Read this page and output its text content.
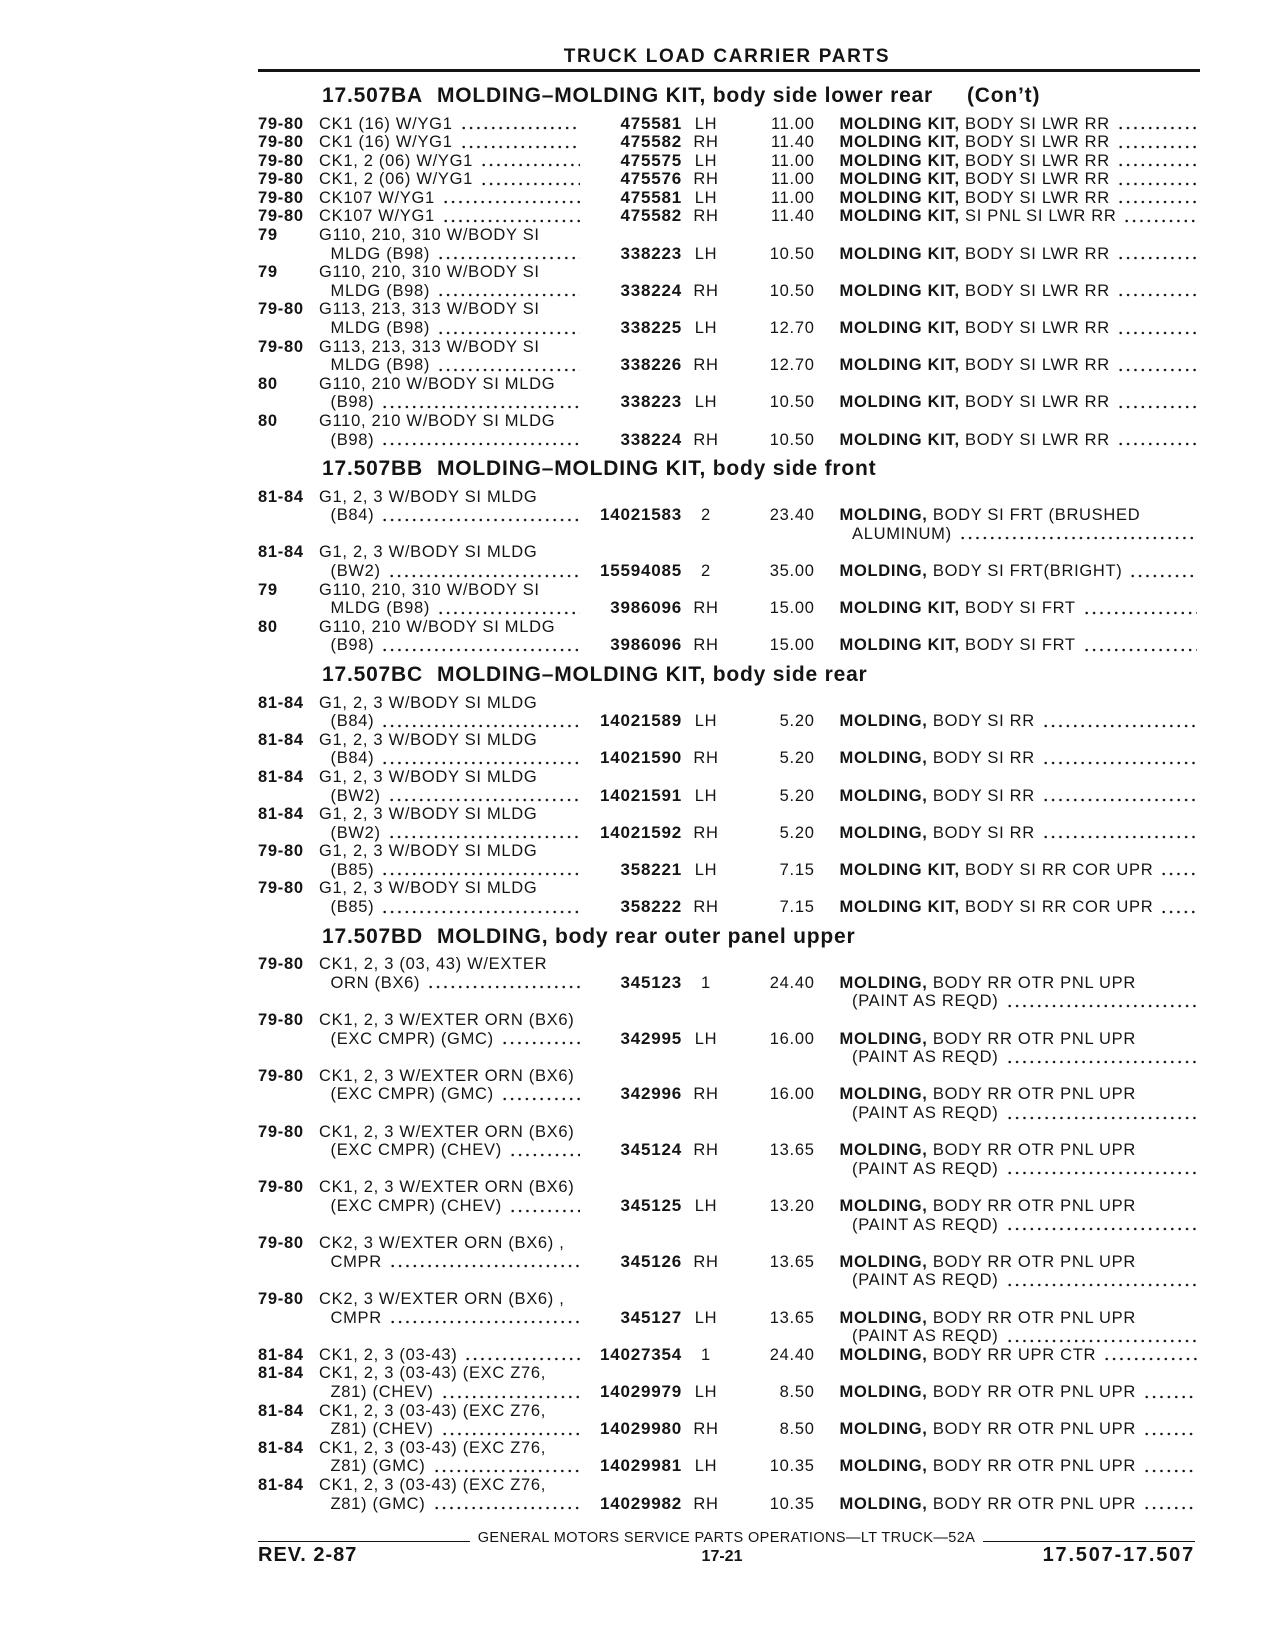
TRUCK LOAD CARRIER PARTS
17.507BA MOLDING–MOLDING KIT, body side lower rear (Con’t)
79-80 CK1 (16) W/YG1	475581 LH	11.00 MOLDING KIT, BODY SI LWR RR
79-80 CK1 (16) W/YG1	475582 RH	11.40 MOLDING KIT, BODY SI LWR RR
79-80 CK1, 2 (06) W/YG1	475575 LH	11.00 MOLDING KIT, BODY SI LWR RR
79-80 CK1, 2 (06) W/YG1	475576 RH	11.00 MOLDING KIT, BODY SI LWR RR
79-80 CK107 W/YG1	475581 LH	11.00 MOLDING KIT, BODY SI LWR RR
79-80 CK107 W/YG1	475582 RH	11.40 MOLDING KIT, SI PNL SI LWR RR
79 G110, 210, 310 W/BODY SI
MLDG (B98)	338223 LH	10.50 MOLDING KIT, BODY SI LWR RR
79 G110, 210, 310 W/BODY SI
MLDG (B98)	338224 RH	10.50 MOLDING KIT, BODY SI LWR RR
79-80 G113, 213, 313 W/BODY SI
MLDG (B98)	338225 LH	12.70 MOLDING KIT, BODY SI LWR RR
79-80 G113, 213, 313 W/BODY SI
MLDG (B98)	338226 RH	12.70 MOLDING KIT, BODY SI LWR RR
80 G110, 210 W/BODY SI MLDG
(B98)	338223 LH	10.50 MOLDING KIT, BODY SI LWR RR
80 G110, 210 W/BODY SI MLDG
(B98)	338224 RH	10.50 MOLDING KIT, BODY SI LWR RR
17.507BB MOLDING–MOLDING KIT, body side front
81-84 G1, 2, 3 W/BODY SI MLDG
(B84)	14021583	2	23.40 MOLDING, BODY SI FRT (BRUSHED
ALUMINUM)
81-84 G1, 2, 3 W/BODY SI MLDG
(BW2)	15594085	2	35.00 MOLDING, BODY SI FRT(BRIGHT)
79 G110, 210, 310 W/BODY SI
MLDG (B98)	3986096 RH	15.00 MOLDING KIT, BODY SI FRT
80 G110, 210 W/BODY SI MLDG
(B98)	3986096 RH	15.00 MOLDING KIT, BODY SI FRT
17.507BC MOLDING–MOLDING KIT, body side rear
81-84 G1, 2, 3 W/BODY SI MLDG
(B84)	14021589 LH	5.20 MOLDING, BODY SI RR
81-84 G1, 2, 3 W/BODY SI MLDG
(B84)	14021590 RH	5.20 MOLDING, BODY SI RR
81-84 G1, 2, 3 W/BODY SI MLDG
(BW2)	14021591 LH	5.20 MOLDING, BODY SI RR
81-84 G1, 2, 3 W/BODY SI MLDG
(BW2)	14021592 RH	5.20 MOLDING, BODY SI RR
79-80 G1, 2, 3 W/BODY SI MLDG
(B85)	358221 LH	7.15 MOLDING KIT, BODY SI RR COR UPR
79-80 G1, 2, 3 W/BODY SI MLDG
(B85)	358222 RH	7.15 MOLDING KIT, BODY SI RR COR UPR
17.507BD MOLDING, body rear outer panel upper
79-80 CK1, 2, 3 (03, 43) W/EXTER
ORN (BX6)	345123	1	24.40 MOLDING, BODY RR OTR PNL UPR
(PAINT AS REQD)
79-80 CK1, 2, 3 W/EXTER ORN (BX6)
(EXC CMPR) (GMC)	342995 LH	16.00 MOLDING, BODY RR OTR PNL UPR
(PAINT AS REQD)
79-80 CK1, 2, 3 W/EXTER ORN (BX6)
(EXC CMPR) (GMC)	342996 RH	16.00 MOLDING, BODY RR OTR PNL UPR
(PAINT AS REQD)
79-80 CK1, 2, 3 W/EXTER ORN (BX6)
(EXC CMPR) (CHEV)	345124 RH	13.65 MOLDING, BODY RR OTR PNL UPR
(PAINT AS REQD)
79-80 CK1, 2, 3 W/EXTER ORN (BX6)
(EXC CMPR) (CHEV)	345125 LH	13.20 MOLDING, BODY RR OTR PNL UPR
(PAINT AS REQD)
79-80 CK2, 3 W/EXTER ORN (BX6) ,
CMPR	345126 RH	13.65 MOLDING, BODY RR OTR PNL UPR
(PAINT AS REQD)
79-80 CK2, 3 W/EXTER ORN (BX6) ,
CMPR	345127 LH	13.65 MOLDING, BODY RR OTR PNL UPR
(PAINT AS REQD)
81-84 CK1, 2, 3 (03-43)	14027354	1	24.40 MOLDING, BODY RR UPR CTR
81-84 CK1, 2, 3 (03-43) (EXC Z76,
Z81) (CHEV)	14029979 LH	8.50 MOLDING, BODY RR OTR PNL UPR
81-84 CK1, 2, 3 (03-43) (EXC Z76,
Z81) (CHEV)	14029980 RH	8.50 MOLDING, BODY RR OTR PNL UPR
81-84 CK1, 2, 3 (03-43) (EXC Z76,
Z81) (GMC)	14029981 LH	10.35 MOLDING, BODY RR OTR PNL UPR
81-84 CK1, 2, 3 (03-43) (EXC Z76,
Z81) (GMC)	14029982 RH	10.35 MOLDING, BODY RR OTR PNL UPR
GENERAL MOTORS SERVICE PARTS OPERATIONS—LT TRUCK—52A
REV. 2-87	17-21	17.507-17.507
